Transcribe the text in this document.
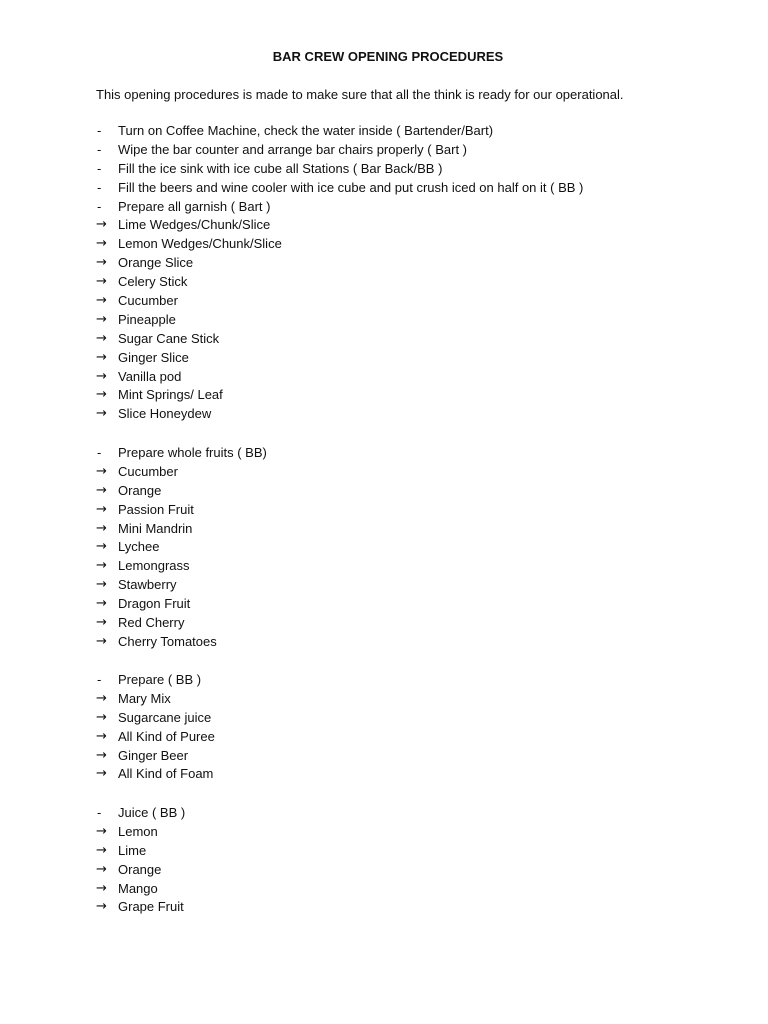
BAR CREW OPENING PROCEDURES
This opening procedures is made to make sure that all the think is ready for our operational.
-	Turn on Coffee Machine, check the water inside ( Bartender/Bart)
-	Wipe the bar counter and arrange bar chairs properly ( Bart )
-	Fill the ice sink with ice cube all Stations ( Bar Back/BB )
-	Fill the beers and wine cooler with ice cube and put crush iced on half on it ( BB )
-	Prepare all garnish ( Bart )
→ Lime Wedges/Chunk/Slice
→ Lemon Wedges/Chunk/Slice
→ Orange Slice
→ Celery Stick
→ Cucumber
→ Pineapple
→ Sugar Cane Stick
→ Ginger Slice
→ Vanilla pod
→ Mint Springs/ Leaf
→ Slice Honeydew
-	Prepare whole fruits ( BB)
→ Cucumber
→ Orange
→ Passion Fruit
→ Mini Mandrin
→ Lychee
→ Lemongrass
→ Stawberry
→ Dragon Fruit
→ Red Cherry
→ Cherry Tomatoes
-	Prepare ( BB )
→ Mary Mix
→ Sugarcane juice
→ All Kind of Puree
→ Ginger Beer
→ All Kind of Foam
-	Juice ( BB )
→ Lemon
→ Lime
→ Orange
→ Mango
→ Grape Fruit
